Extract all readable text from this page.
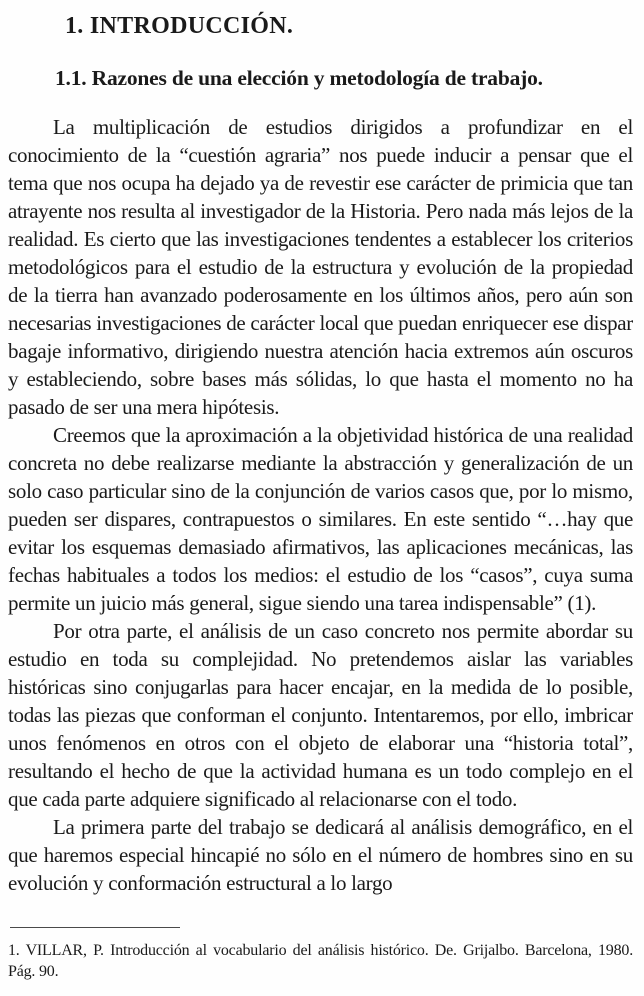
1. INTRODUCCIÓN.
1.1. Razones de una elección y metodología de trabajo.

La multiplicación de estudios dirigidos a profundizar en el conocimiento de la “cuestión agraria” nos puede inducir a pensar que el tema que nos ocupa ha dejado ya de revestir ese carácter de primicia que tan atrayente nos resulta al investigador de la Historia. Pero nada más lejos de la realidad. Es cierto que las investigaciones tendentes a establecer los criterios metodológicos para el estudio de la estructura y evolución de la propiedad de la tierra han avanzado poderosamente en los últimos años, pero aún son necesarias investigaciones de carácter local que puedan enriquecer ese dispar bagaje informativo, dirigiendo nuestra atención hacia extremos aún oscuros y estableciendo, sobre bases más sólidas, lo que hasta el momento no ha pasado de ser una mera hipótesis.

Creemos que la aproximación a la objetividad histórica de una realidad concreta no debe realizarse mediante la abstracción y generalización de un solo caso particular sino de la conjunción de varios casos que, por lo mismo, pueden ser dispares, contrapuestos o similares. En este sentido “…hay que evitar los esquemas demasiado afirmativos, las aplicaciones mecánicas, las fechas habituales a todos los medios: el estudio de los “casos”, cuya suma permite un juicio más general, sigue siendo una tarea indispensable” (1).

Por otra parte, el análisis de un caso concreto nos permite abordar su estudio en toda su complejidad. No pretendemos aislar las variables históricas sino conjugarlas para hacer encajar, en la medida de lo posible, todas las piezas que conforman el conjunto. Intentaremos, por ello, imbricar unos fenómenos en otros con el objeto de elaborar una “historia total”, resultando el hecho de que la actividad humana es un todo complejo en el que cada parte adquiere significado al relacionarse con el todo.

La primera parte del trabajo se dedicará al análisis demográfico, en el que haremos especial hincapié no sólo en el número de hombres sino en su evolución y conformación estructural a lo largo

1. VILLAR, P. Introducción al vocabulario del análisis histórico. De. Grijalbo. Barcelona, 1980. Pág. 90.
